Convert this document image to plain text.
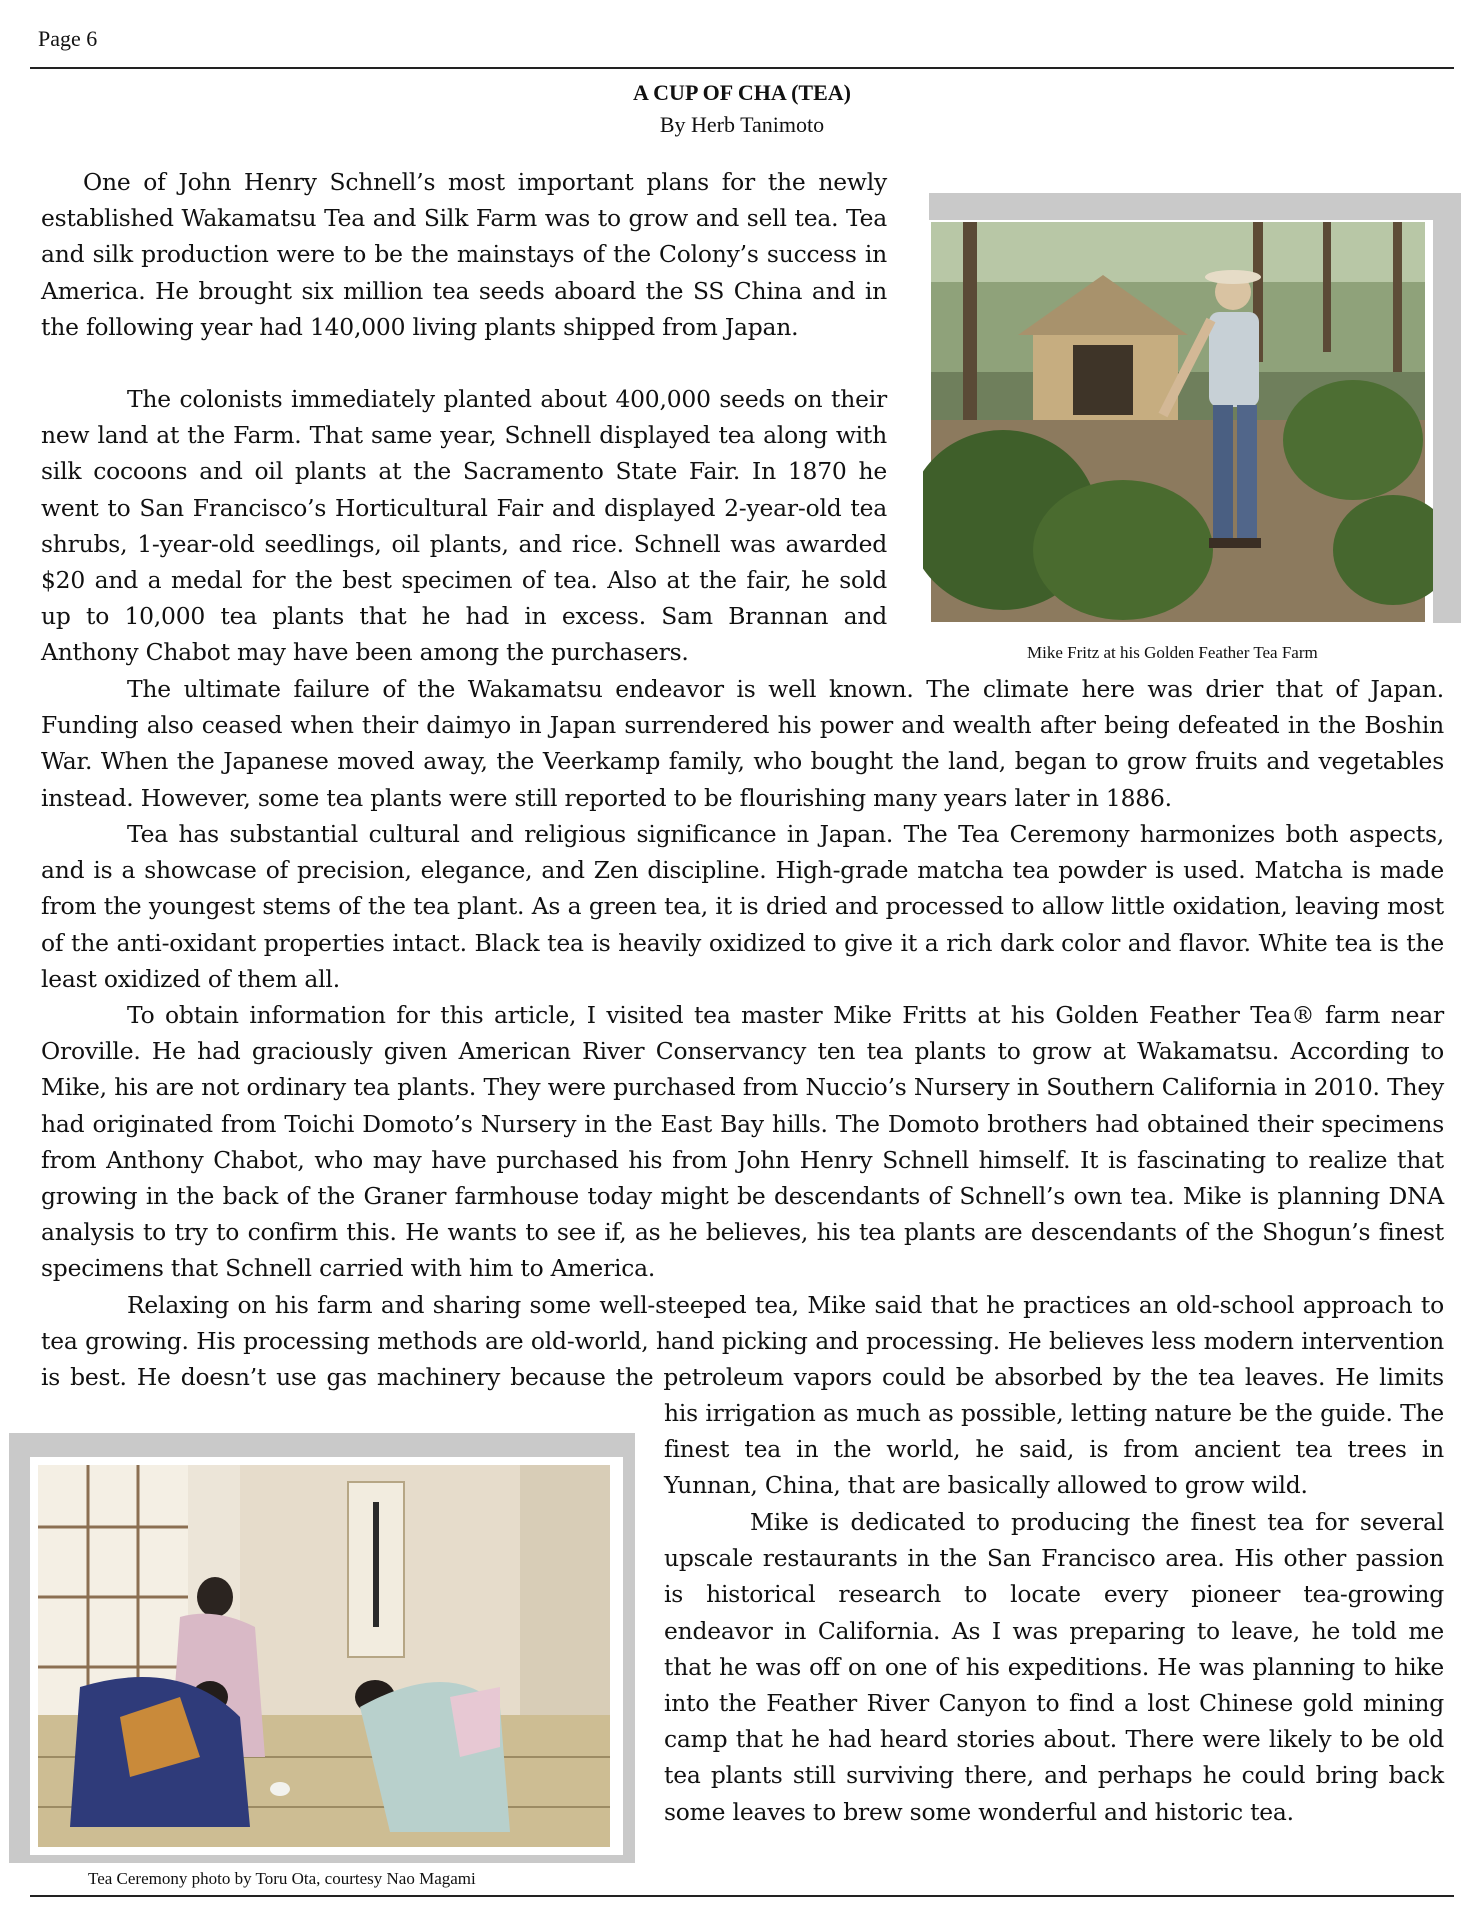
Page 6
A CUP OF CHA (TEA)
By Herb Tanimoto

One of John Henry Schnell’s most important plans for the newly established Wakamatsu Tea and Silk Farm was to grow and sell tea. Tea and silk production were to be the mainstays of the Colony’s success in America. He brought six million tea seeds aboard the SS China and in the following year had 140,000 living plants shipped from Japan.

The colonists immediately planted about 400,000 seeds on their new land at the Farm. That same year, Schnell displayed tea along with silk cocoons and oil plants at the Sacramento State Fair. In 1870 he went to San Francisco’s Horticultural Fair and displayed 2-year-old tea shrubs, 1-year-old seedlings, oil plants, and rice. Schnell was awarded $20 and a medal for the best specimen of tea. Also at the fair, he sold up to 10,000 tea plants that he had in excess. Sam Brannan and Anthony Chabot may have been among the purchasers.

The ultimate failure of the Wakamatsu endeavor is well known. The climate here was drier that of Japan. Funding also ceased when their daimyo in Japan surrendered his power and wealth after being defeated in the Boshin War. When the Japanese moved away, the Veerkamp family, who bought the land, began to grow fruits and vegetables instead. However, some tea plants were still reported to be flourishing many years later in 1886.

Tea has substantial cultural and religious significance in Japan. The Tea Ceremony harmonizes both aspects, and is a showcase of precision, elegance, and Zen discipline. High-grade matcha tea powder is used. Matcha is made from the youngest stems of the tea plant. As a green tea, it is dried and processed to allow little oxidation, leaving most of the anti-oxidant properties intact. Black tea is heavily oxidized to give it a rich dark color and flavor. White tea is the least oxidized of them all.

To obtain information for this article, I visited tea master Mike Fritts at his Golden Feather Tea® farm near Oroville. He had graciously given American River Conservancy ten tea plants to grow at Wakamatsu. According to Mike, his are not ordinary tea plants. They were purchased from Nuccio’s Nursery in Southern California in 2010. They had originated from Toichi Domoto’s Nursery in the East Bay hills. The Domoto brothers had obtained their specimens from Anthony Chabot, who may have purchased his from John Henry Schnell himself. It is fascinating to realize that growing in the back of the Graner farmhouse today might be descendants of Schnell’s own tea. Mike is planning DNA analysis to try to confirm this. He wants to see if, as he believes, his tea plants are descendants of the Shogun’s finest specimens that Schnell carried with him to America.

Relaxing on his farm and sharing some well-steeped tea, Mike said that he practices an old-school approach to tea growing. His processing methods are old-world, hand picking and processing. He believes less modern intervention is best. He doesn’t use gas machinery because the petroleum vapors could be absorbed by the tea leaves. He limits

his irrigation as much as possible, letting nature be the guide. The finest tea in the world, he said, is from ancient tea trees in Yunnan, China, that are basically allowed to grow wild.

Mike is dedicated to producing the finest tea for several upscale restaurants in the San Francisco area. His other passion is historical research to locate every pioneer tea-growing endeavor in California. As I was preparing to leave, he told me that he was off on one of his expeditions. He was planning to hike into the Feather River Canyon to find a lost Chinese gold mining camp that he had heard stories about. There were likely to be old tea plants still surviving there, and perhaps he could bring back some leaves to brew some wonderful and historic tea.

Mike Fritz at his Golden Feather Tea Farm
Tea Ceremony photo by Toru Ota, courtesy Nao Magami
